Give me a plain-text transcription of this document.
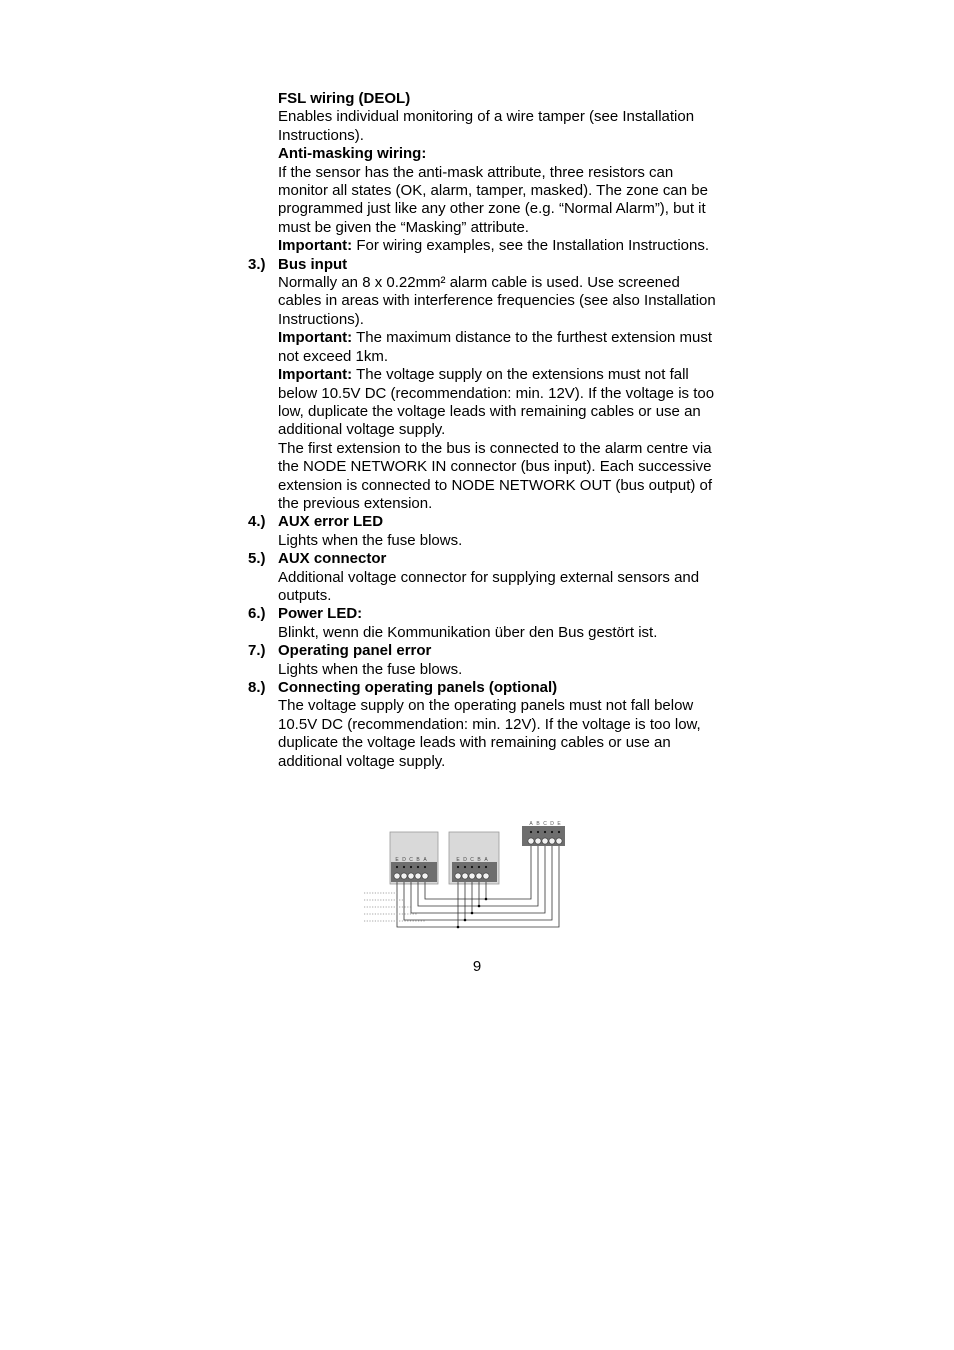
FSL wiring (DEOL)
Enables individual monitoring of a wire tamper (see Installation Instructions).
Anti-masking wiring:
If the sensor has the anti-mask attribute, three resistors can monitor all states (OK, alarm, tamper, masked). The zone can be programmed just like any other zone (e.g. “Normal Alarm”), but it must be given the “Masking” attribute.
Important: For wiring examples, see the Installation Instructions.
3.) Bus input
Normally an 8 x 0.22mm² alarm cable is used. Use screened cables in areas with interference frequencies (see also Installation Instructions).
Important: The maximum distance to the furthest extension must not exceed 1km.
Important: The voltage supply on the extensions must not fall below 10.5V DC (recommendation: min. 12V). If the voltage is too low, duplicate the voltage leads with remaining cables or use an additional voltage supply.
The first extension to the bus is connected to the alarm centre via the NODE NETWORK IN connector (bus input). Each successive extension is connected to NODE NETWORK OUT (bus output) of the previous extension.
4.) AUX error LED
Lights when the fuse blows.
5.) AUX connector
Additional voltage connector for supplying external sensors and outputs.
6.) Power LED:
Blinkt, wenn die Kommunikation über den Bus gestört ist.
7.) Operating panel error
Lights when the fuse blows.
8.) Connecting operating panels (optional)
The voltage supply on the operating panels must not fall below 10.5V DC (recommendation: min. 12V). If the voltage is too low, duplicate the voltage leads with remaining cables or use an additional voltage supply.
E D C B A	E D C B A
A B C D E
9
